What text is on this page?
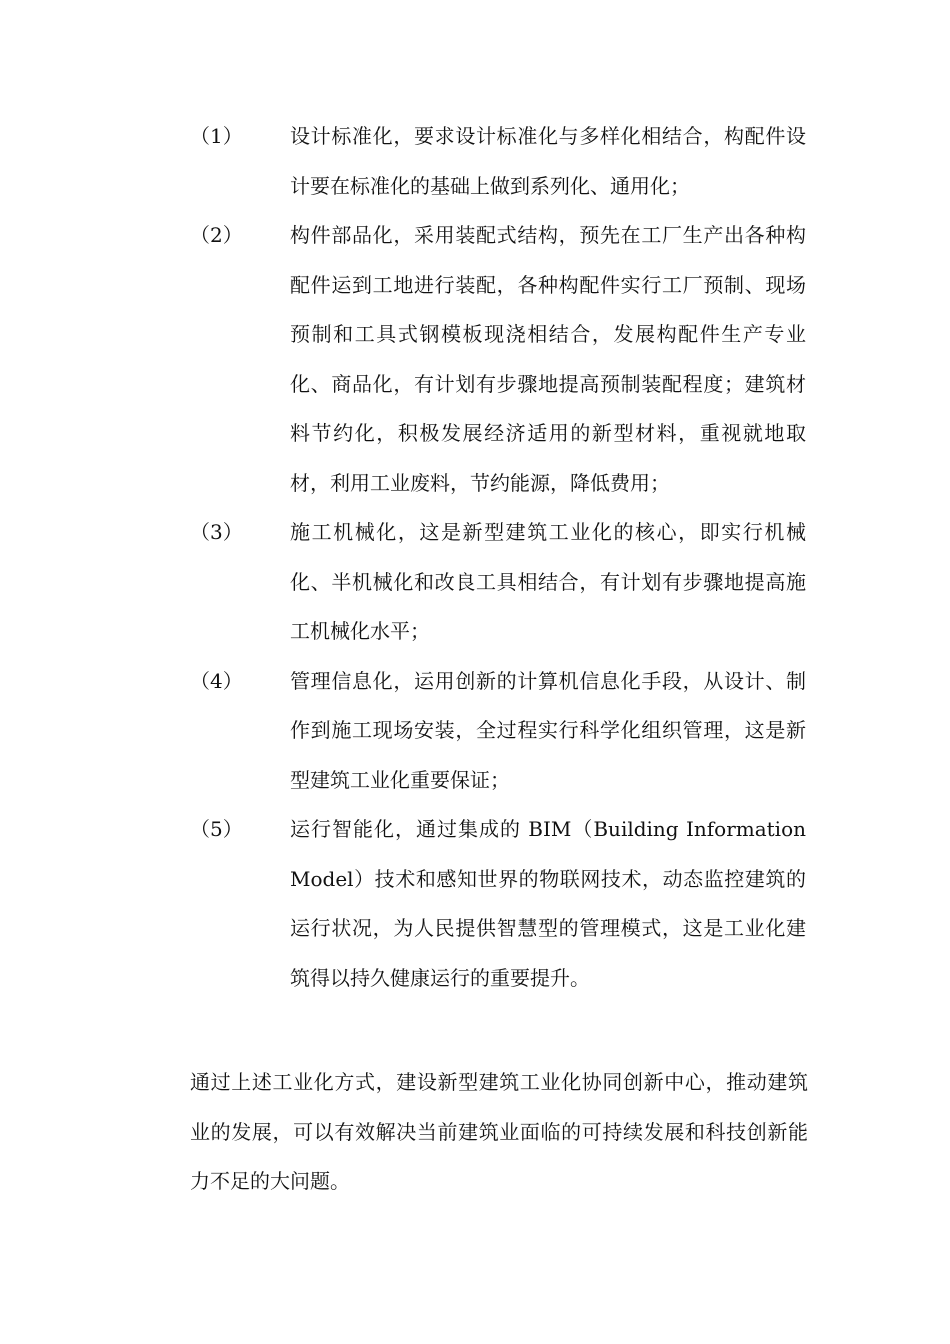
（1）	设计标准化，要求设计标准化与多样化相结合，构配件设计要在标准化的基础上做到系列化、通用化；
（2）	构件部品化，采用装配式结构，预先在工厂生产出各种构配件运到工地进行装配，各种构配件实行工厂预制、现场预制和工具式钢模板现浇相结合，发展构配件生产专业化、商品化，有计划有步骤地提高预制装配程度；建筑材料节约化，积极发展经济适用的新型材料，重视就地取材，利用工业废料，节约能源，降低费用；
（3）	施工机械化，这是新型建筑工业化的核心，即实行机械化、半机械化和改良工具相结合，有计划有步骤地提高施工机械化水平；
（4）	管理信息化，运用创新的计算机信息化手段，从设计、制作到施工现场安装，全过程实行科学化组织管理，这是新型建筑工业化重要保证；
（5）	运行智能化，通过集成的 BIM（Building Information Model）技术和感知世界的物联网技术，动态监控建筑的运行状况，为人民提供智慧型的管理模式，这是工业化建筑得以持久健康运行的重要提升。
通过上述工业化方式，建设新型建筑工业化协同创新中心，推动建筑业的发展，可以有效解决当前建筑业面临的可持续发展和科技创新能力不足的大问题。
